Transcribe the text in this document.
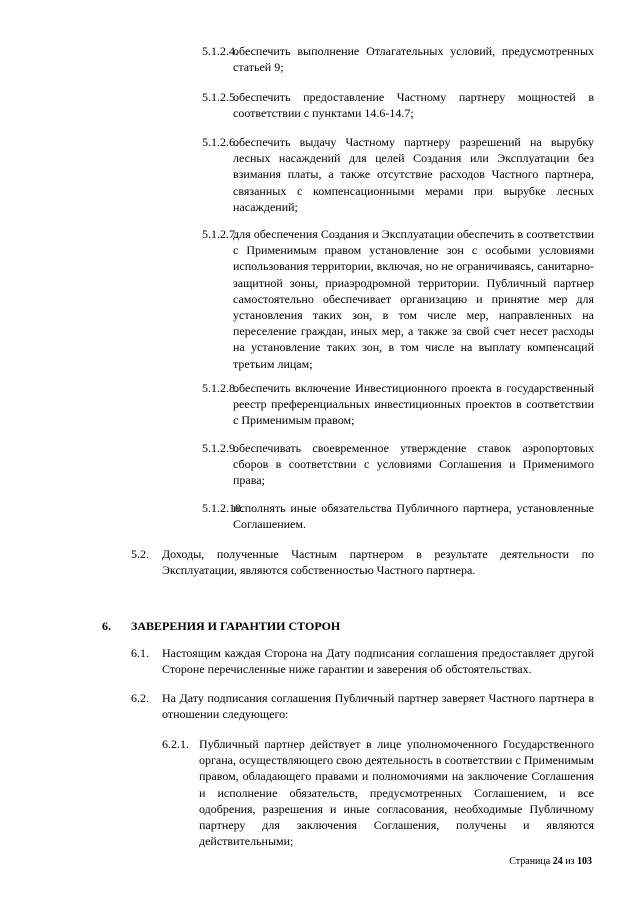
5.1.2.4.
обеспечить выполнение Отлагательных условий, предусмотренных статьей 9;
5.1.2.5.
обеспечить предоставление Частному партнеру мощностей в соответствии с пунктами 14.6-14.7;
5.1.2.6.
обеспечить выдачу Частному партнеру разрешений на вырубку лесных насаждений для целей Создания или Эксплуатации без взимания платы, а также отсутствие расходов Частного партнера, связанных с компенсационными мерами при вырубке лесных насаждений;
5.1.2.7.
для обеспечения Создания и Эксплуатации обеспечить в соответствии с Применимым правом установление зон с особыми условиями использования территории, включая, но не ограничиваясь, санитарно-защитной зоны, приаэродромной территории. Публичный партнер самостоятельно обеспечивает организацию и принятие мер для установления таких зон, в том числе мер, направленных на переселение граждан, иных мер, а также за свой счет несет расходы на установление таких зон, в том числе на выплату компенсаций третьим лицам;
5.1.2.8.
обеспечить включение Инвестиционного проекта в государственный реестр преференциальных инвестиционных проектов в соответствии с Применимым правом;
5.1.2.9.
обеспечивать своевременное утверждение ставок аэропортовых сборов в соответствии с условиями Соглашения и Применимого права;
5.1.2.10.
исполнять иные обязательства Публичного партнера, установленные Соглашением.
5.2. Доходы, полученные Частным партнером в результате деятельности по Эксплуатации, являются собственностью Частного партнера.
6. ЗАВЕРЕНИЯ И ГАРАНТИИ СТОРОН
6.1. Настоящим каждая Сторона на Дату подписания соглашения предоставляет другой Стороне перечисленные ниже гарантии и заверения об обстоятельствах.
6.2. На Дату подписания соглашения Публичный партнер заверяет Частного партнера в отношении следующего:
6.2.1. Публичный партнер действует в лице уполномоченного Государственного органа, осуществляющего свою деятельность в соответствии с Применимым правом, обладающего правами и полномочиями на заключение Соглашения и исполнение обязательств, предусмотренных Соглашением, и все одобрения, разрешения и иные согласования, необходимые Публичному партнеру для заключения Соглашения, получены и являются действительными;
Страница 24 из 103
